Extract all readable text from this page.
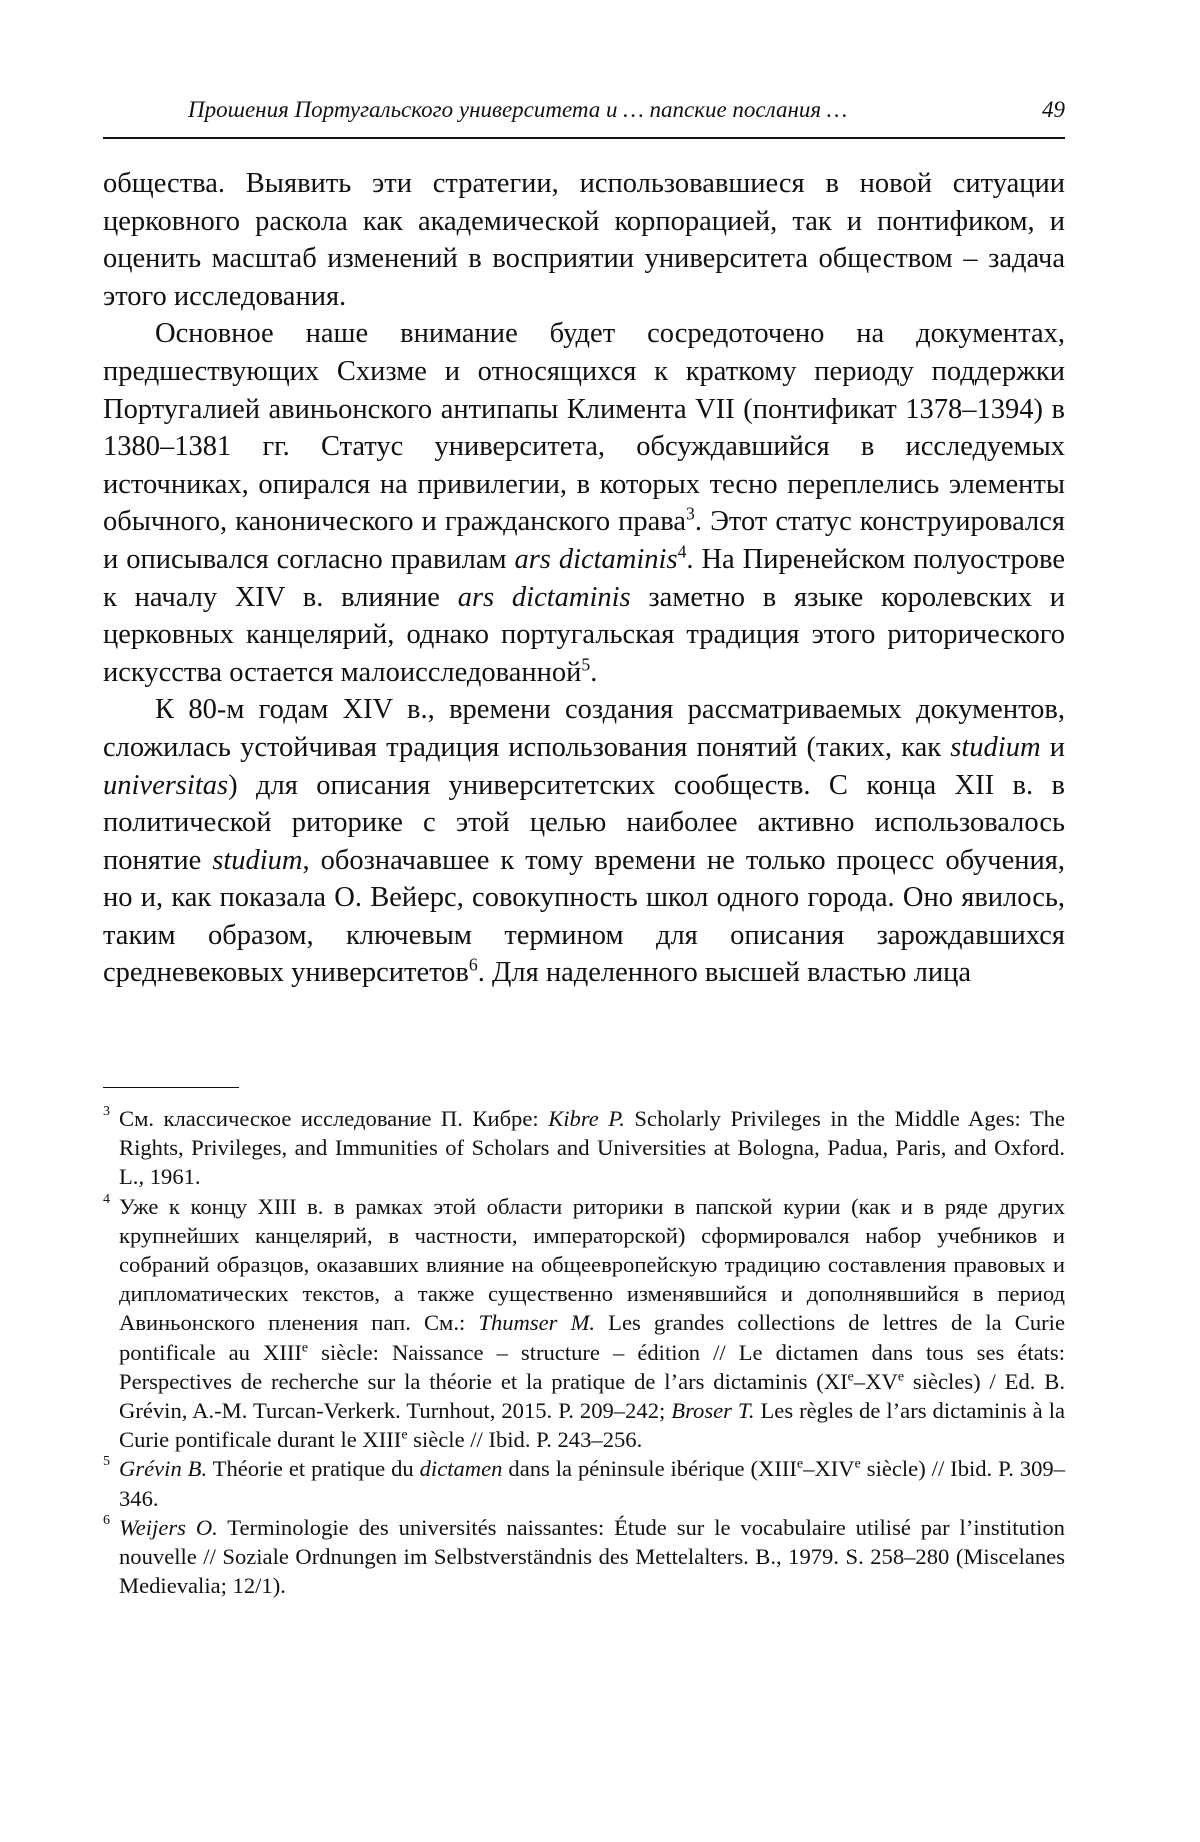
Прошения Португальского университета и … папские послания …	49

общества. Выявить эти стратегии, использовавшиеся в новой ситуации церковного раскола как академической корпорацией, так и понтификом, и оценить масштаб изменений в восприятии университета обществом – задача этого исследования.

Основное наше внимание будет сосредоточено на документах, предшествующих Схизме и относящихся к краткому периоду поддержки Португалией авиньонского антипапы Климента VII (понтификат 1378–1394) в 1380–1381 гг. Статус университета, обсуждавшийся в исследуемых источниках, опирался на привилегии, в которых тесно переплелись элементы обычного, канонического и гражданского права$^3$. Этот статус конструировался и описывался согласно правилам ars dictaminis$^4$. На Пиренейском полуострове к началу XIV в. влияние ars dictaminis заметно в языке королевских и церковных канцелярий, однако португальская традиция этого риторического искусства остается малоисследованной$^5$.

К 80-м годам XIV в., времени создания рассматриваемых документов, сложилась устойчивая традиция использования понятий (таких, как studium и universitas) для описания университетских сообществ. С конца XII в. в политической риторике с этой целью наиболее активно использовалось понятие studium, обозначавшее к тому времени не только процесс обучения, но и, как показала О. Вейерс, совокупность школ одного города. Оно явилось, таким образом, ключевым термином для описания зарождавшихся средневековых университетов$^6$. Для наделенного высшей властью лица

3 См. классическое исследование П. Кибре: Kibre P. Scholarly Privileges in the Middle Ages: The Rights, Privileges, and Immunities of Scholars and Universities at Bologna, Padua, Paris, and Oxford. L., 1961.

4 Уже к концу XIII в. в рамках этой области риторики в папской курии (как и в ряде других крупнейших канцелярий, в частности, императорской) сформировался набор учебников и собраний образцов, оказавших влияние на общеевропейскую традицию составления правовых и дипломатических текстов, а также существенно изменявшийся и дополнявшийся в период Авиньонского пленения пап. См.: Thumser M. Les grandes collections de lettres de la Curie pontificale au XIIIe siècle: Naissance – structure – édition // Le dictamen dans tous ses états: Perspectives de recherche sur la théorie et la pratique de l’ars dictaminis (XIe–XVe siècles) / Ed. B. Grévin, A.-M. Turcan-Verkerk. Turnhout, 2015. P. 209–242; Broser T. Les règles de l’ars dictaminis à la Curie pontificale durant le XIIIe siècle // Ibid. P. 243–256.

5 Grévin B. Théorie et pratique du dictamen dans la péninsule ibérique (XIIIe–XIVe siècle) // Ibid. P. 309–346.

6 Weijers O. Terminologie des universités naissantes: Étude sur le vocabulaire utilisé par l’institution nouvelle // Soziale Ordnungen im Selbstverständnis des Mettelalters. B., 1979. S. 258–280 (Miscelanes Medievalia; 12/1).
